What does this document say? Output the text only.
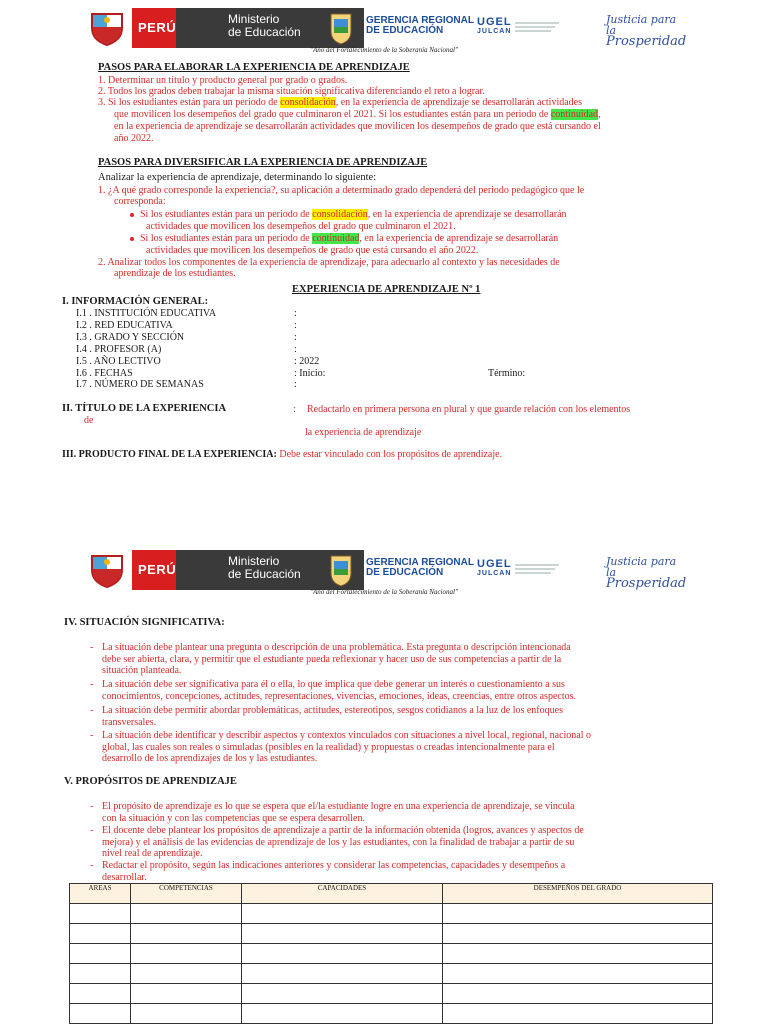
PERÚ
Ministerio
de Educación
GERENCIA REGIONAL
DE EDUCACIÓN
UGEL
JULCAN
Justicia para la
Prosperidad
"Año del Fortalecimiento de la Soberanía Nacional"
PASOS PARA ELABORAR LA EXPERIENCIA DE APRENDIZAJE
1. Determinar un título y producto general por grado o grados.
2. Todos los grados deben trabajar la misma situación significativa diferenciando el reto a lograr.
3. Si los estudiantes están para un periodo de consolidación, en la experiencia de aprendizaje se desarrollarán actividades
que movilicen los desempeños del grado que culminaron el 2021. Si los estudiantes están para un periodo de continuidad,
en la experiencia de aprendizaje se desarrollarán actividades que movilicen los desempeños de grado que está cursando el
año 2022.
PASOS PARA DIVERSIFICAR LA EXPERIENCIA DE APRENDIZAJE
Analizar la experiencia de aprendizaje, determinando lo siguiente:
1. ¿A qué grado corresponde la experiencia?, su aplicación a determinado grado dependerá del periodo pedagógico que le
corresponda:
Si los estudiantes están para un periodo de consolidación, en la experiencia de aprendizaje se desarrollarán
actividades que movilicen los desempeños del grado que culminaron el 2021.
Si los estudiantes están para un periodo de continuidad, en la experiencia de aprendizaje se desarrollarán
actividades que movilicen los desempeños de grado que está cursando el año 2022.
2. Analizar todos los componentes de la experiencia de aprendizaje, para adecuarlo al contexto y las necesidades de
aprendizaje de los estudiantes.
EXPERIENCIA DE APRENDIZAJE Nº 1
I. INFORMACIÓN GENERAL:
I.1 . INSTITUCIÓN EDUCATIVA	:
I.2 . RED EDUCATIVA	:
I.3 . GRADO Y SECCIÓN	:
I.4 . PROFESOR (A)	:
I.5 . AÑO LECTIVO	: 2022
I.6 . FECHAS	: Inicio:	Término:
I.7 . NÚMERO DE SEMANAS	:
II. TÍTULO DE LA EXPERIENCIA
de
: Redactarlo en primera persona en plural y que guarde relación con los elementos
la experiencia de aprendizaje
III. PRODUCTO FINAL DE LA EXPERIENCIA: Debe estar vinculado con los propósitos de aprendizaje.
PERÚ
Ministerio
de Educación
GERENCIA REGIONAL
DE EDUCACIÓN
UGEL
JULCAN
Justicia para la
Prosperidad
"Año del Fortalecimiento de la Soberanía Nacional"
IV. SITUACIÓN SIGNIFICATIVA:
- La situación debe plantear una pregunta o descripción de una problemática. Esta pregunta o descripción intencionada
debe ser abierta, clara, y permitir que el estudiante pueda reflexionar y hacer uso de sus competencias a partir de la
situación planteada.
- La situación debe ser significativa para él o ella, lo que implica que debe generar un interés o cuestionamiento a sus
conocimientos, concepciones, actitudes, representaciones, vivencias, emociones, ideas, creencias, entre otros aspectos.
- La situación debe permitir abordar problemáticas, actitudes, estereotipos, sesgos cotidianos a la luz de los enfoques
transversales.
- La situación debe identificar y describir aspectos y contextos vinculados con situaciones a nivel local, regional, nacional o
global, las cuales son reales o simuladas (posibles en la realidad) y propuestas o creadas intencionalmente para el
desarrollo de los aprendizajes de los y las estudiantes.
V. PROPÓSITOS DE APRENDIZAJE
- El propósito de aprendizaje es lo que se espera que el/la estudiante logre en una experiencia de aprendizaje, se vincula
con la situación y con las competencias que se espera desarrollen.
- El docente debe plantear los propósitos de aprendizaje a partir de la información obtenida (logros, avances y aspectos de
mejora) y el análisis de las evidencias de aprendizaje de los y las estudiantes, con la finalidad de trabajar a partir de su
nivel real de aprendizaje.
- Redactar el propósito, según las indicaciones anteriores y considerar las competencias, capacidades y desempeños a
desarrollar.
AREAS	COMPETENCIAS	CAPACIDADES	DESEMPEÑOS DEL GRADO
